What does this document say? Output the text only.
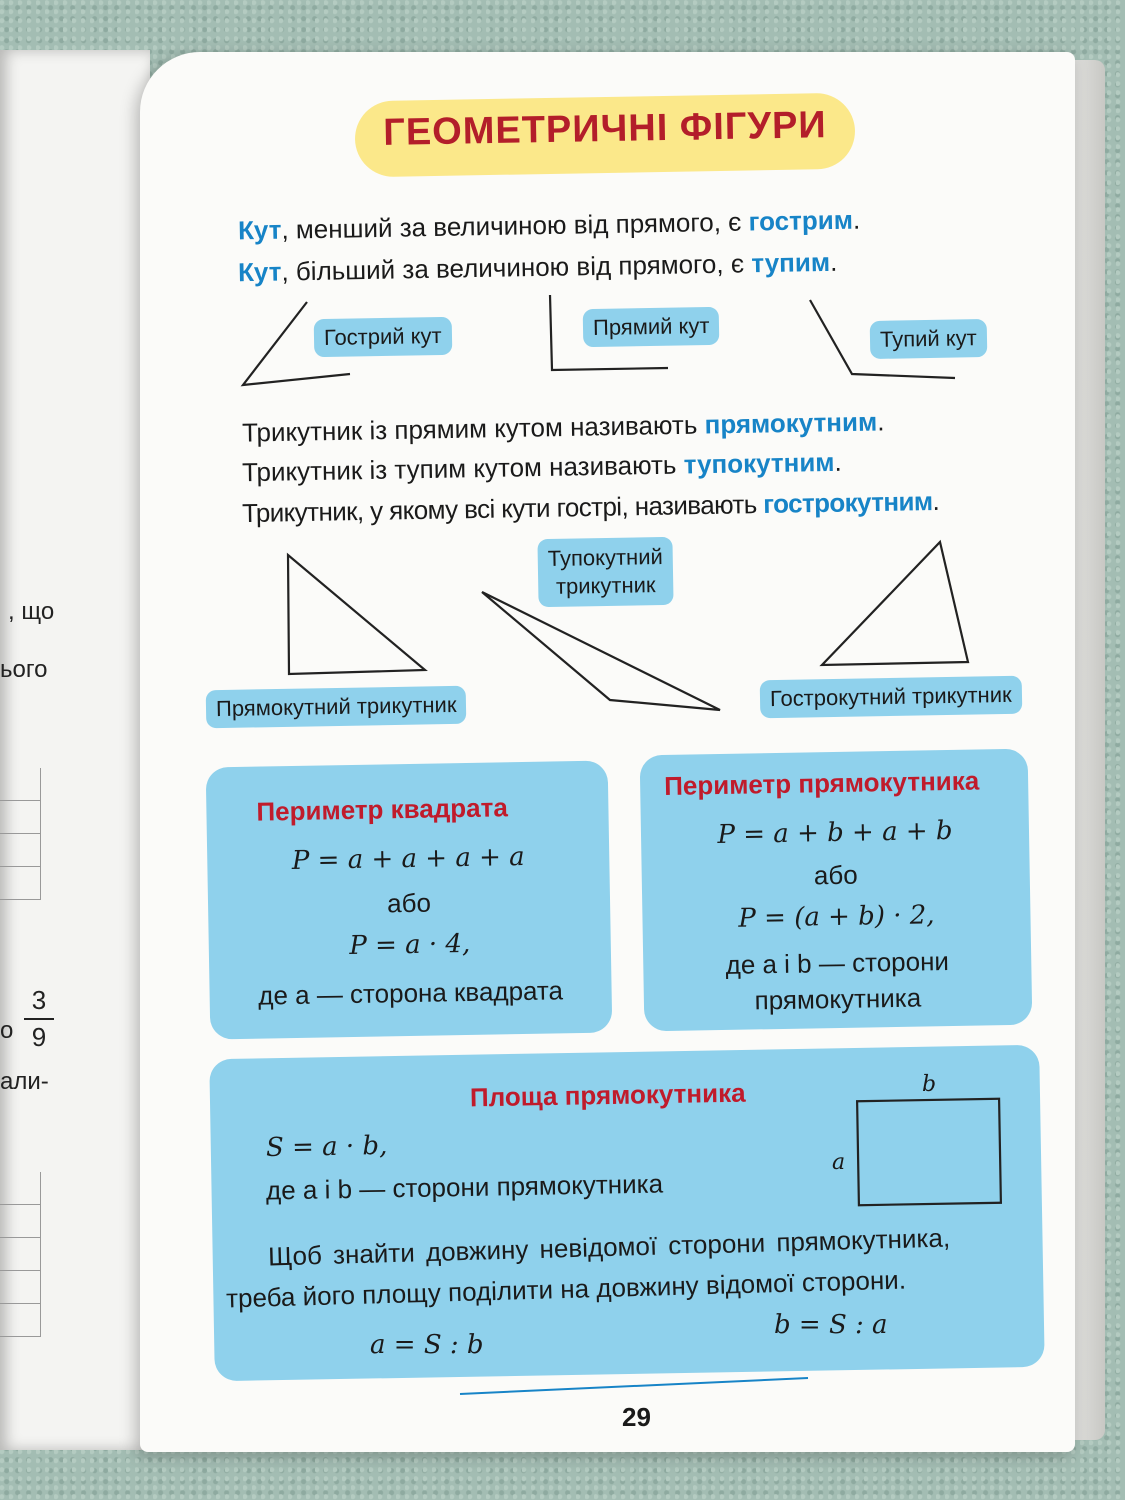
, що
ього
о
3
9
али-
ГЕОМЕТРИЧНІ ФІГУРИ
Кут, менший за величиною від прямого, є гострим.
Кут, більший за величиною від прямого, є тупим.
Гострий кут	Прямий кут	Тупий кут
Трикутник із прямим кутом називають прямокутним.
Трикутник із тупим кутом називають тупокутним.
Трикутник, у якому всі кути гострі, називають гострокутним.
Тупокутний
трикутник
Прямокутний трикутник	Гострокутний трикутник
Периметр квадрата
P = a + a + a + a
або
P = a · 4,
де a — сторона квадрата
Периметр прямокутника
P = a + b + a + b
або
P = (a + b) · 2,
де a і b — сторони
прямокутника
Площа прямокутника
S = a · b,
де a і b — сторони прямокутника
a
b
Щоб знайти довжину невідомої сторони прямокутника,
треба його площу поділити на довжину відомої сторони.
a = S : b
b = S : a
29
